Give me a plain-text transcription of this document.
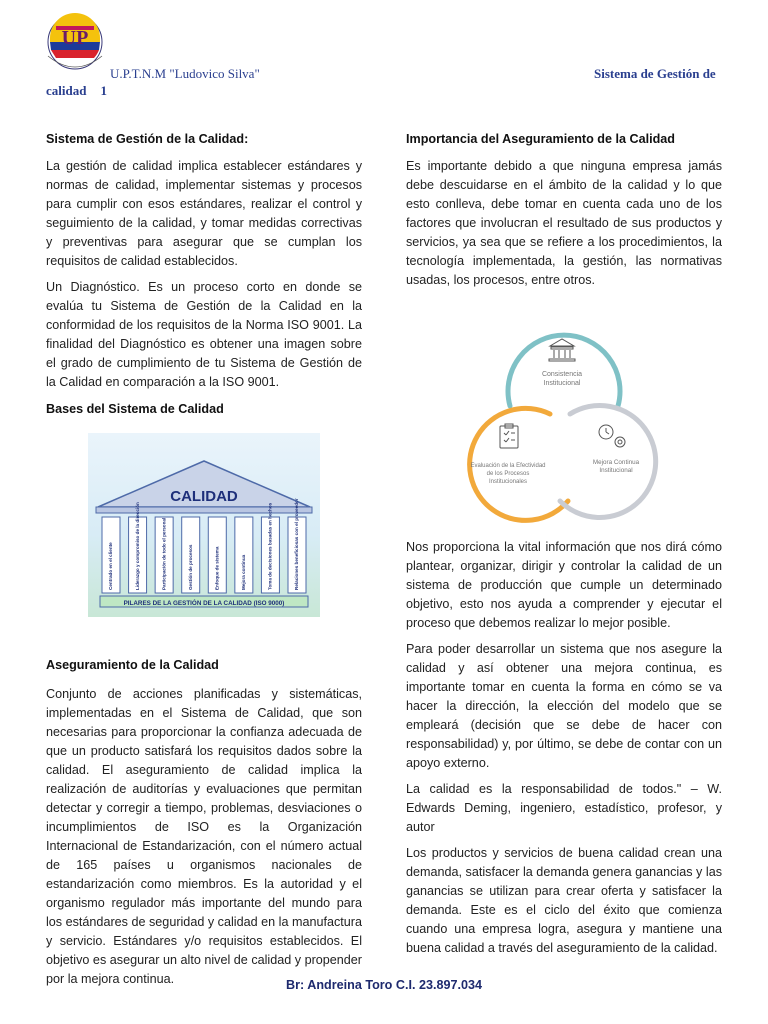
UP
U.P.T.N.M "Ludovico Silva"	Sistema de Gestión de
calidad 1
Sistema de Gestión de la Calidad:

La gestión de calidad implica establecer estándares y normas de calidad, implementar sistemas y procesos para cumplir con esos estándares, realizar el control y seguimiento de la calidad, y tomar medidas correctivas y preventivas para asegurar que se cumplan los requisitos de calidad establecidos.

Un Diagnóstico. Es un proceso corto en donde se evalúa tu Sistema de Gestión de la Calidad en la conformidad de los requisitos de la Norma ISO 9001. La finalidad del Diagnóstico es obtener una imagen sobre el grado de cumplimiento de tu Sistema de Gestión de la Calidad en comparación a la ISO 9001.

Bases del Sistema de Calidad
CALIDAD
Centrado en el cliente	Liderazgo y compromiso de la dirección	Participación de todo el personal	Gestión de procesos	Enfoque de sistema	Mejora continua	Toma de decisiones basadas en hechos	Relaciones beneficiosas con el proveedor
PILARES DE LA GESTIÓN DE LA CALIDAD (ISO 9000)
Aseguramiento de la Calidad

Conjunto de acciones planificadas y sistemáticas, implementadas en el Sistema de Calidad, que son necesarias para proporcionar la confianza adecuada de que un producto satisfará los requisitos dados sobre la calidad. El aseguramiento de calidad implica la realización de auditorías y evaluaciones que permitan detectar y corregir a tiempo, problemas, desviaciones o incumplimientos de ISO es la Organización Internacional de Estandarización, con el número actual de 165 países u organismos nacionales de estandarización como miembros. Es la autoridad y el organismo regulador más importante del mundo para los estándares de seguridad y calidad en la manufactura y servicio. Estándares y/o requisitos establecidos. El objetivo es asegurar un alto nivel de calidad y propender por la mejora continua.

Importancia del Aseguramiento de la Calidad

Es importante debido a que ninguna empresa jamás debe descuidarse en el ámbito de la calidad y lo que esto conlleva, debe tomar en cuenta cada uno de los factores que involucran el resultado de sus productos y servicios, ya sea que se refiere a los procedimientos, la tecnología implementada, la gestión, las normativas usadas, los procesos, entre otros.

Consistencia
Institucional
Evaluación de la Efectividad
de los Procesos
Institucionales
Mejora Continua
Institucional

Nos proporciona la vital información que nos dirá cómo plantear, organizar, dirigir y controlar la calidad de un sistema de producción que cumple un determinado objetivo, esto nos ayuda a comprender y ejecutar el proceso que debemos realizar lo mejor posible.

Para poder desarrollar un sistema que nos asegure la calidad y así obtener una mejora continua, es importante tomar en cuenta la forma en cómo se va hacer la dirección, la elección del modelo que se empleará (decisión que se debe de hacer con responsabilidad) y, por último, se debe de contar con un apoyo externo.

La calidad es la responsabilidad de todos." – W. Edwards Deming, ingeniero, estadístico, profesor, y autor

Los productos y servicios de buena calidad crean una demanda, satisfacer la demanda genera ganancias y las ganancias se utilizan para crear oferta y satisfacer la demanda. Este es el ciclo del éxito que comienza cuando una empresa logra, asegura y mantiene una buena calidad a través del aseguramiento de la calidad.

Br: Andreina Toro C.I. 23.897.034
